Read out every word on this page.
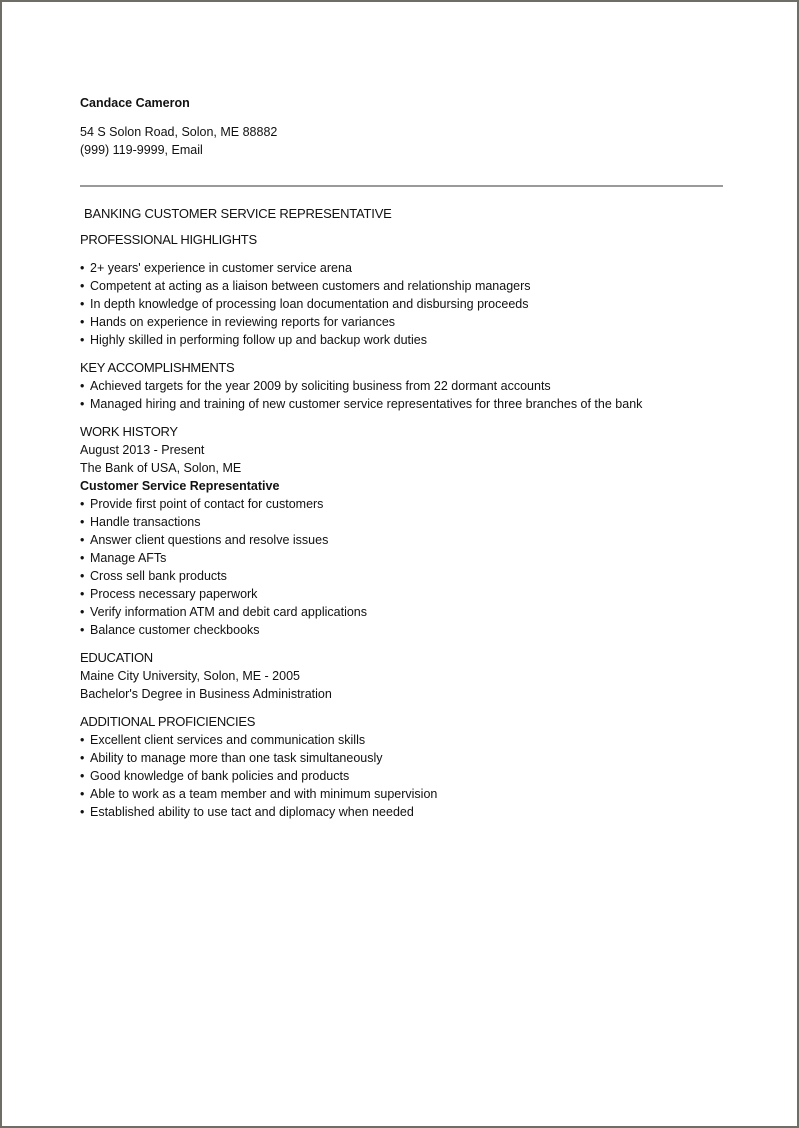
Candace Cameron
54 S Solon Road, Solon, ME 88882
(999) 119-9999, Email
BANKING CUSTOMER SERVICE REPRESENTATIVE
PROFESSIONAL HIGHLIGHTS
• 2+ years' experience in customer service arena
• Competent at acting as a liaison between customers and relationship managers
• In depth knowledge of processing loan documentation and disbursing proceeds
• Hands on experience in reviewing reports for variances
• Highly skilled in performing follow up and backup work duties
KEY ACCOMPLISHMENTS
• Achieved targets for the year 2009 by soliciting business from 22 dormant accounts
• Managed hiring and training of new customer service representatives for three branches of the bank
WORK HISTORY
August 2013 - Present
The Bank of USA, Solon, ME
Customer Service Representative
• Provide first point of contact for customers
• Handle transactions
• Answer client questions and resolve issues
• Manage AFTs
• Cross sell bank products
• Process necessary paperwork
• Verify information ATM and debit card applications
• Balance customer checkbooks
EDUCATION
Maine City University, Solon, ME - 2005
Bachelor's Degree in Business Administration
ADDITIONAL PROFICIENCIES
• Excellent client services and communication skills
• Ability to manage more than one task simultaneously
• Good knowledge of bank policies and products
• Able to work as a team member and with minimum supervision
• Established ability to use tact and diplomacy when needed
